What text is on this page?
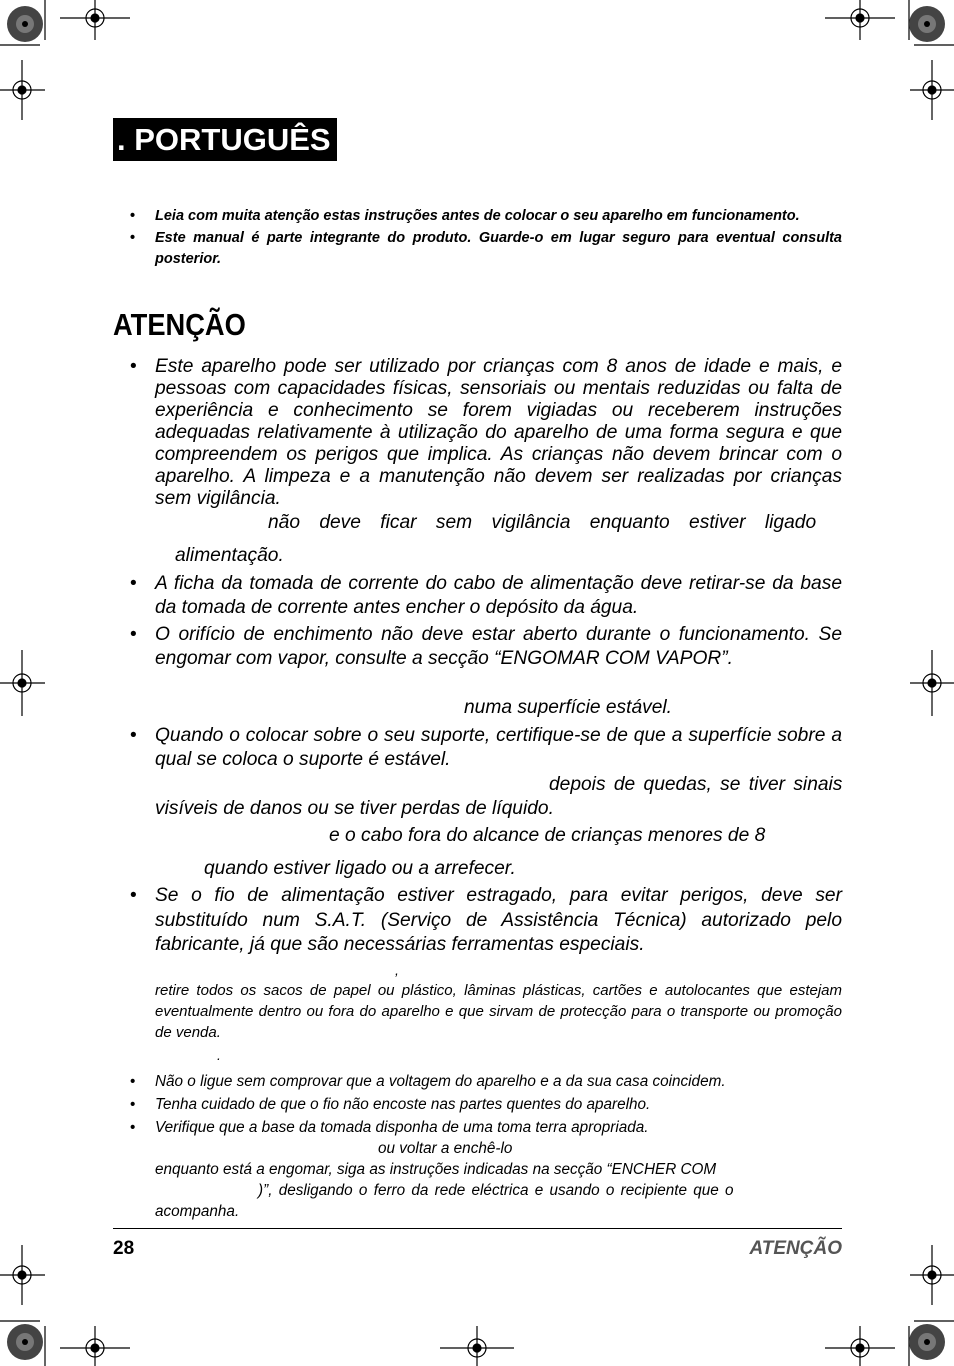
. PORTUGUÊS
• Leia com muita atenção estas instruções antes de colocar o seu aparelho em funcionamento.
• Este manual é parte integrante do produto. Guarde-o em lugar seguro para eventual consulta posterior.
ATENÇÃO
• Este aparelho pode ser utilizado por crianças com 8 anos de idade e mais, e pessoas com capacidades físicas, sensoriais ou mentais reduzidas ou falta de experiência e conhecimento se forem vigiadas ou receberem instruções adequadas relativamente à utilização do aparelho de uma forma segura e que compreendem os perigos que implica. As crianças não devem brincar com o aparelho. A limpeza e a manutenção não devem ser realizadas por crianças sem vigilância.
não deve ficar sem vigilância enquanto estiver ligado
alimentação.
• A ficha da tomada de corrente do cabo de alimentação deve retirar-se da base da tomada de corrente antes encher o depósito da água.
• O orifício de enchimento não deve estar aberto durante o funcionamento. Se engomar com vapor, consulte a secção “ENGOMAR COM VAPOR”.
numa superfície estável.
• Quando o colocar sobre o seu suporte, certifique-se de que a superfície sobre a qual se coloca o suporte é estável.
depois de quedas, se tiver sinais
visíveis de danos ou se tiver perdas de líquido.
e o cabo fora do alcance de crianças menores de 8
quando estiver ligado ou a arrefecer.
• Se o fio de alimentação estiver estragado, para evitar perigos, deve ser substituído num S.A.T. (Serviço de Assistência Técnica) autorizado pelo fabricante, já que são necessárias ferramentas especiais.
,
retire todos os sacos de papel ou plástico, lâminas plásticas, cartões e autolocantes que estejam eventualmente dentro ou fora do aparelho e que sirvam de protecção para o transporte ou promoção de venda.
.
• Não o ligue sem comprovar que a voltagem do aparelho e a da sua casa coincidem.
• Tenha cuidado de que o fio não encoste nas partes quentes do aparelho.
• Verifique que a base da tomada disponha de uma toma terra apropriada.
ou voltar a enchê-lo
enquanto está a engomar, siga as instruções indicadas na secção “ENCHER COM
)”, desligando o ferro da rede eléctrica e usando o recipiente que o
acompanha.
28	ATENÇÃO
